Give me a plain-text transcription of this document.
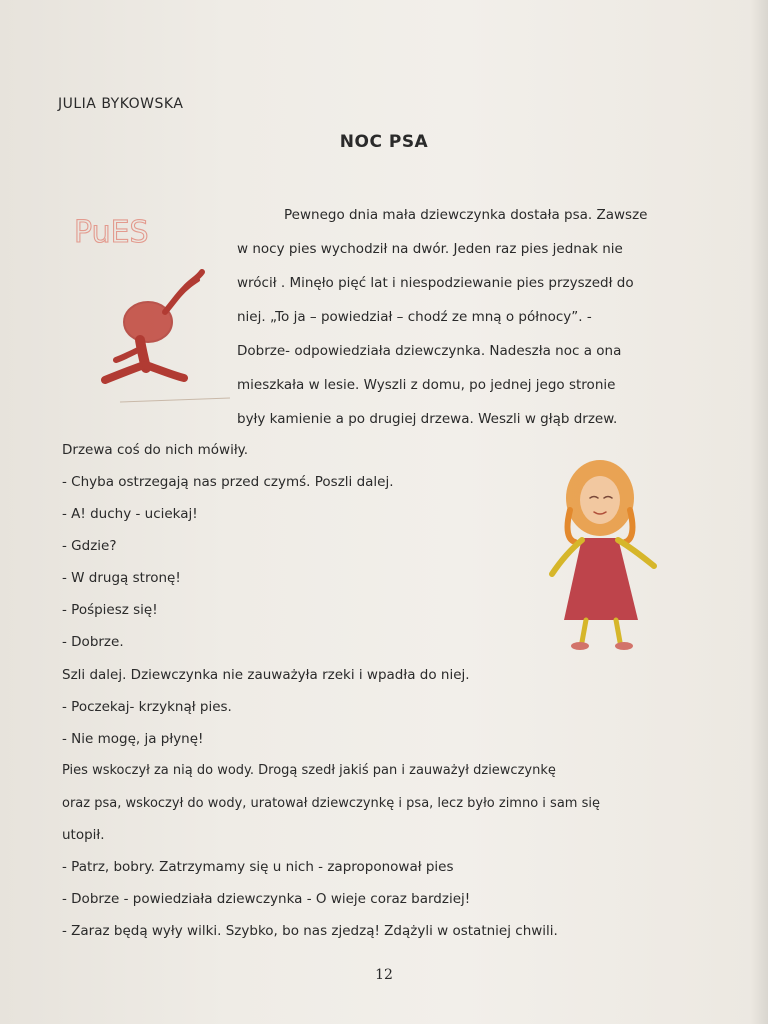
JULIA BYKOWSKA
NOC PSA
PuES	Pewnego dnia mała dziewczynka dostała psa. Zawsze
w nocy pies wychodził na dwór. Jeden raz pies jednak nie
wrócił . Minęło pięć lat i niespodziewanie pies przyszedł do
niej. „To ja – powiedział – chodź ze mną o północy”. -
Dobrze- odpowiedziała dziewczynka. Nadeszła noc a ona
mieszkała w lesie. Wyszli z domu, po jednej jego stronie
były kamienie a po drugiej drzewa. Weszli w głąb drzew.
Drzewa coś do nich mówiły.
- Chyba ostrzegają nas przed czymś. Poszli dalej.
- A! duchy - uciekaj!
- Gdzie?
- W drugą stronę!
- Pośpiesz się!
- Dobrze.
Szli dalej. Dziewczynka nie zauważyła rzeki i wpadła do niej.
- Poczekaj- krzyknął pies.
- Nie mogę, ja płynę!
Pies wskoczył za nią do wody. Drogą szedł jakiś pan i zauważył dziewczynkę
oraz psa, wskoczył do wody, uratował dziewczynkę i psa, lecz było zimno i sam się
utopił.
- Patrz, bobry. Zatrzymamy się u nich - zaproponował pies
- Dobrze - powiedziała dziewczynka - O wieje coraz bardziej!
- Zaraz będą wyły wilki. Szybko, bo nas zjedzą! Zdążyli w ostatniej chwili.
12
